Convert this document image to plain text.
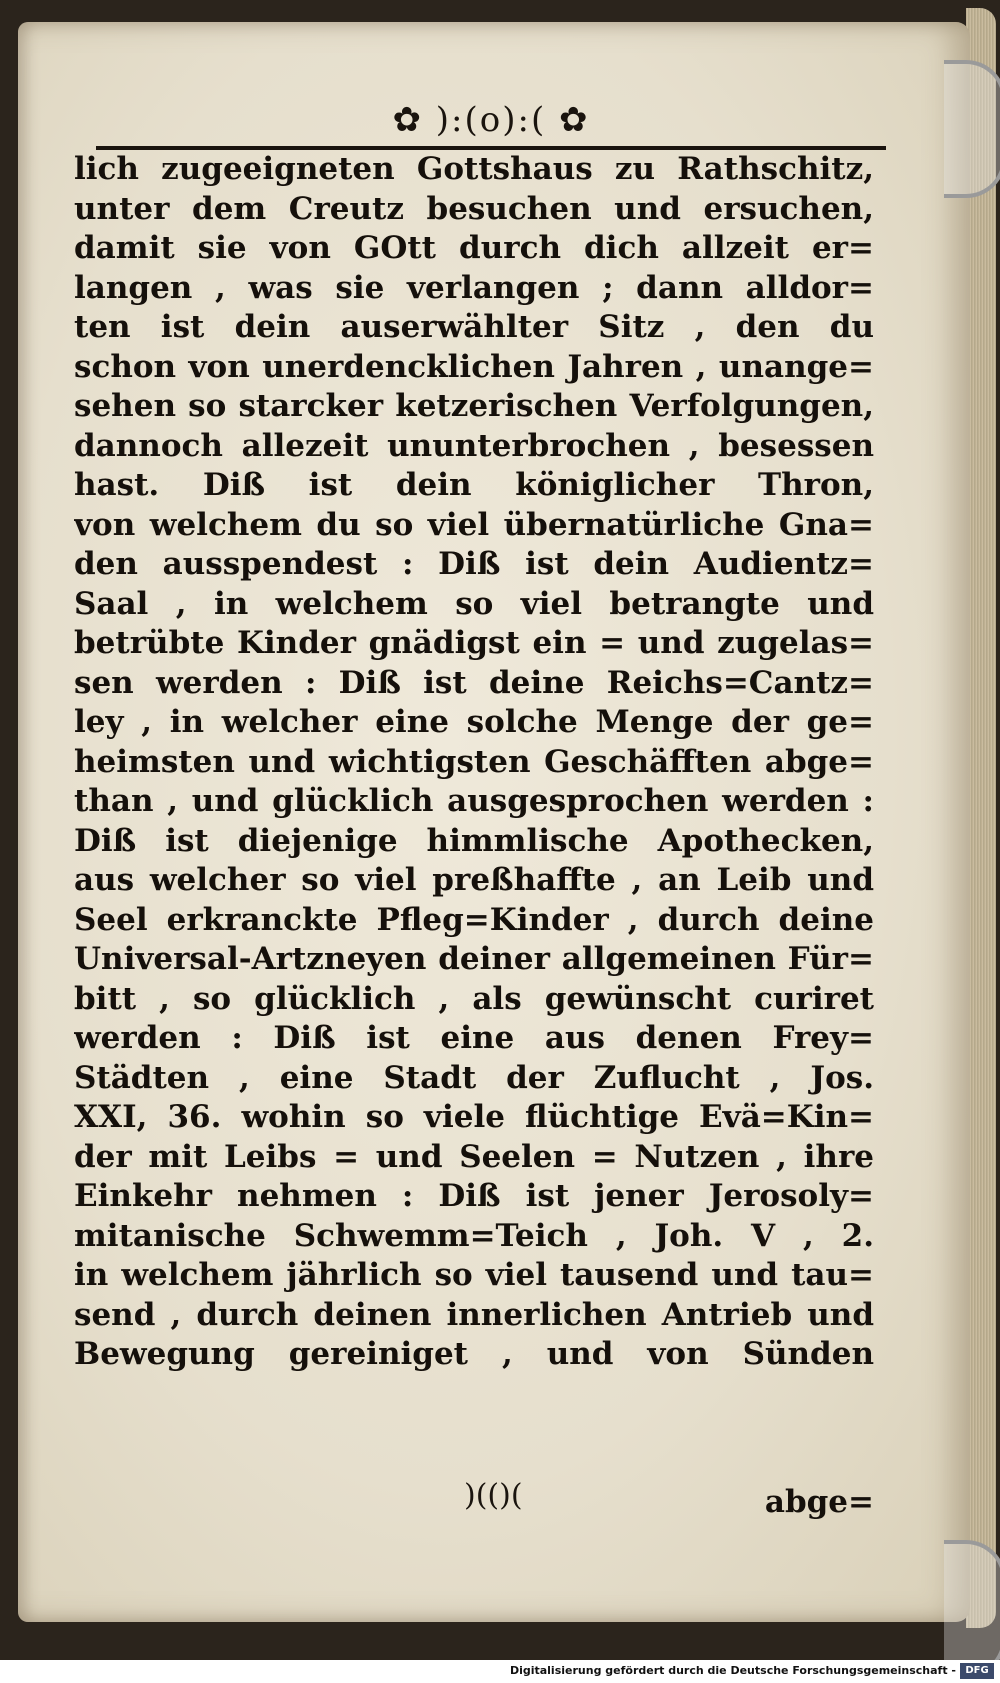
✿ ):(o):( ✿
lich zugeeigneten Gottshaus zu Rathschitz,
unter dem Creutz besuchen und ersuchen,
damit sie von GOtt durch dich allzeit er=
langen , was sie verlangen ; dann alldor=
ten ist dein auserwählter Sitz , den du
schon von unerdencklichen Jahren , unange=
sehen so starcker ketzerischen Verfolgungen,
dannoch allezeit ununterbrochen , besessen
hast. Diß ist dein königlicher Thron,
von welchem du so viel übernatürliche Gna=
den ausspendest : Diß ist dein Audientz=
Saal , in welchem so viel betrangte und
betrübte Kinder gnädigst ein = und zugelas=
sen werden : Diß ist deine Reichs=Cantz=
ley , in welcher eine solche Menge der ge=
heimsten und wichtigsten Geschäfften abge=
than , und glücklich ausgesprochen werden :
Diß ist diejenige himmlische Apothecken,
aus welcher so viel preßhaffte , an Leib und
Seel erkranckte Pfleg=Kinder , durch deine
Universal-Artzneyen deiner allgemeinen Für=
bitt , so glücklich , als gewünscht curiret
werden : Diß ist eine aus denen Frey=
Städten , eine Stadt der Zuflucht , Jos.
XXI, 36. wohin so viele flüchtige Evä=Kin=
der mit Leibs = und Seelen = Nutzen , ihre
Einkehr nehmen : Diß ist jener Jerosoly=
mitanische Schwemm=Teich , Joh. V , 2.
in welchem jährlich so viel tausend und tau=
send , durch deinen innerlichen Antrieb und
Bewegung gereiniget , und von Sünden
)(()(	abge=
Digitalisierung gefördert durch die Deutsche Forschungsgemeinschaft - DFG
